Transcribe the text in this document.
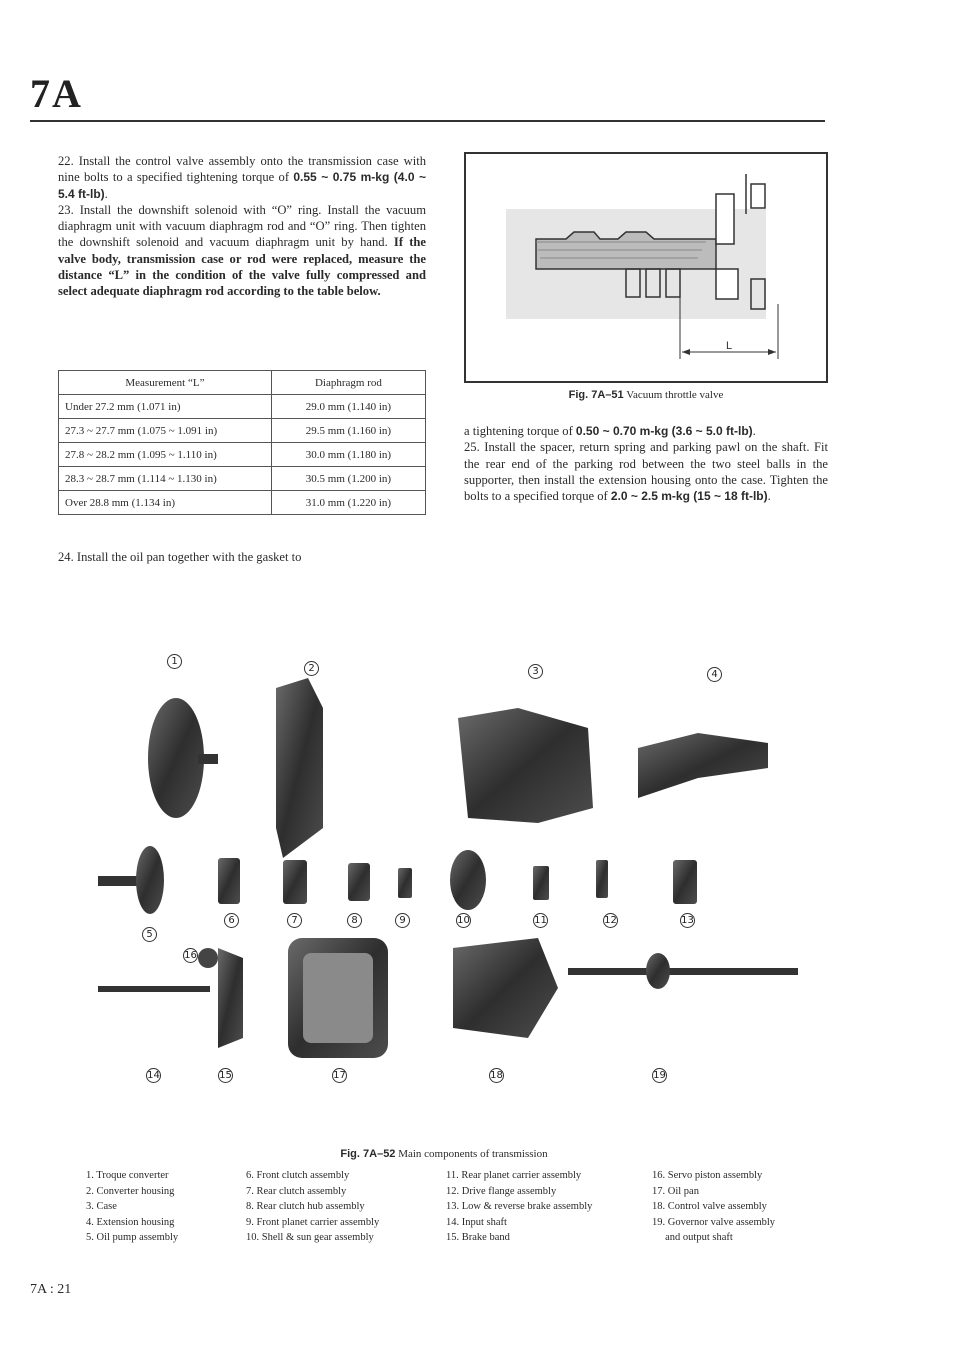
7A

22. Install the control valve assembly onto the transmission case with nine bolts to a specified tightening torque of 0.55 ~ 0.75 m-kg (4.0 ~ 5.4 ft-lb).

23. Install the downshift solenoid with “O” ring. Install the vacuum diaphragm unit with vacuum diaphragm rod and “O” ring. Then tighten the downshift solenoid and vacuum diaphragm unit by hand. If the valve body, transmission case or rod were replaced, measure the distance “L” in the condition of the valve fully compressed and select adequate diaphragm rod according to the table below.

Measurement “L”	Diaphragm rod
Under 27.2 mm (1.071 in)	29.0 mm (1.140 in)
27.3 ~ 27.7 mm (1.075 ~ 1.091 in)	29.5 mm (1.160 in)
27.8 ~ 28.2 mm (1.095 ~ 1.110 in)	30.0 mm (1.180 in)
28.3 ~ 28.7 mm (1.114 ~ 1.130 in)	30.5 mm (1.200 in)
Over 28.8 mm (1.134 in)	31.0 mm (1.220 in)
24. Install the oil pan together with the gasket to
L
Fig. 7A–51 Vacuum throttle valve

a tightening torque of 0.50 ~ 0.70 m-kg (3.6 ~ 5.0 ft-lb).

25. Install the spacer, return spring and parking pawl on the shaft. Fit the rear end of the parking rod between the two steel balls in the supporter, then install the extension housing onto the case. Tighten the bolts to a specified torque of 2.0 ~ 2.5 m-kg (15 ~ 18 ft-lb).

1
2	3	4
5
6	7	8	9	10	11	12	13
14	15
16
17	18	19
Fig. 7A–52 Main components of transmission
1. Troque converter
2. Converter housing
3. Case
4. Extension housing
5. Oil pump assembly
6. Front clutch assembly
7. Rear clutch assembly
8. Rear clutch hub assembly
9. Front planet carrier assembly
10. Shell & sun gear assembly
11. Rear planet carrier assembly
12. Drive flange assembly
13. Low & reverse brake assembly
14. Input shaft
15. Brake band
16. Servo piston assembly
17. Oil pan
18. Control valve assembly
19. Governor valve assembly
and output shaft
7A : 21
